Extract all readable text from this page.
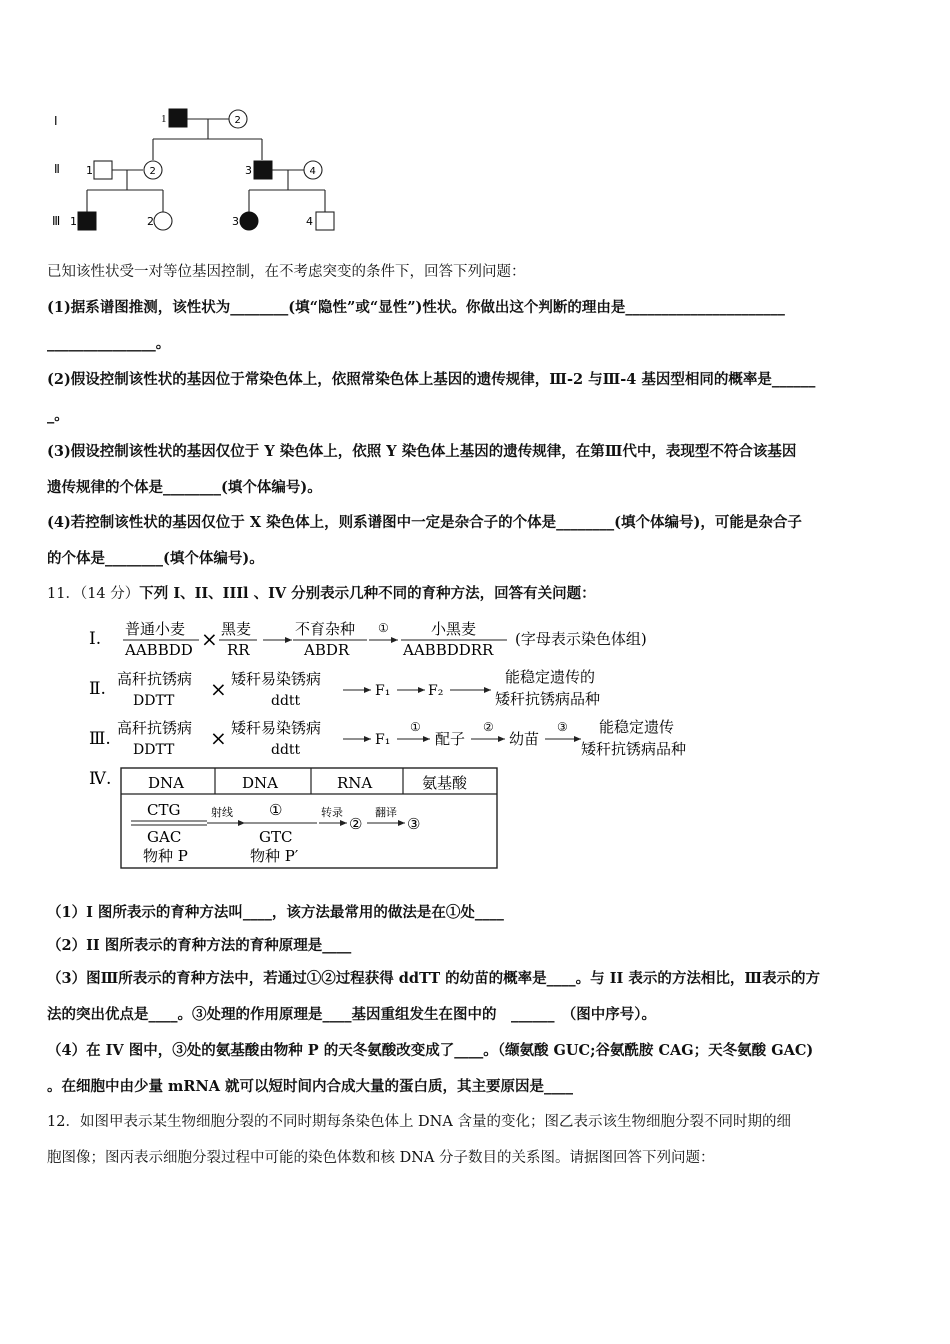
Ⅰ
Ⅱ
Ⅲ
1	2
1	2	3	4
1	2	3	4
已知该性状受一对等位基因控制，在不考虑突变的条件下，回答下列问题：
(1)据系谱图推测，该性状为________(填“隐性”或“显性”)性状。你做出这个判断的理由是______________________
_______________。
(2)假设控制该性状的基因位于常染色体上，依照常染色体上基因的遗传规律，Ⅲ-2 与Ⅲ-4 基因型相同的概率是______
_。
(3)假设控制该性状的基因仅位于 Y 染色体上，依照 Y 染色体上基因的遗传规律，在第Ⅲ代中，表现型不符合该基因
遗传规律的个体是________(填个体编号)。
(4)若控制该性状的基因仅位于 X 染色体上，则系谱图中一定是杂合子的个体是________(填个体编号)，可能是杂合子
的个体是________(填个体编号)。
11．（14 分）下列 I、II、IIIl 、IV 分别表示几种不同的育种方法，回答有关问题：
Ⅰ. 普通小麦
AABBDD × 黑麦
RR
不育杂种
ABDR
①	小黑麦
AABBDDRR
(字母表示染色体组)
Ⅱ. 高秆抗锈病
DDTT × 矮秆易染锈病
ddtt
F₁	F₂
能稳定遗传的
矮秆抗锈病品种
Ⅲ.
高秆抗锈病
DDTT × 矮秆易染锈病
ddtt
F₁
①
配子
②
幼苗
③ 能稳定遗传
矮秆抗锈病品种
Ⅳ. DNA	DNA	RNA	氨基酸
CTG
GAC
物种 P
射线 ①
GTC
物种 P′
转录
②
翻译
③
（1）I 图所表示的育种方法叫____，该方法最常用的做法是在①处____
（2）II 图所表示的育种方法的育种原理是____
（3）图Ⅲ所表示的育种方法中，若通过①②过程获得 ddTT 的幼苗的概率是____。与 II 表示的方法相比，Ⅲ表示的方
法的突出优点是____。③处理的作用原理是____基因重组发生在图中的　______　（图中序号）。
（4）在 IV 图中，③处的氨基酸由物种 P 的天冬氨酸改变成了____。（缬氨酸 GUC;谷氨酰胺 CAG；天冬氨酸 GAC)
。在细胞中由少量 mRNA 就可以短时间内合成大量的蛋白质，其主要原因是____
12．如图甲表示某生物细胞分裂的不同时期每条染色体上 DNA 含量的变化；图乙表示该生物细胞分裂不同时期的细
胞图像；图丙表示细胞分裂过程中可能的染色体数和核 DNA 分子数目的关系图。请据图回答下列问题：
